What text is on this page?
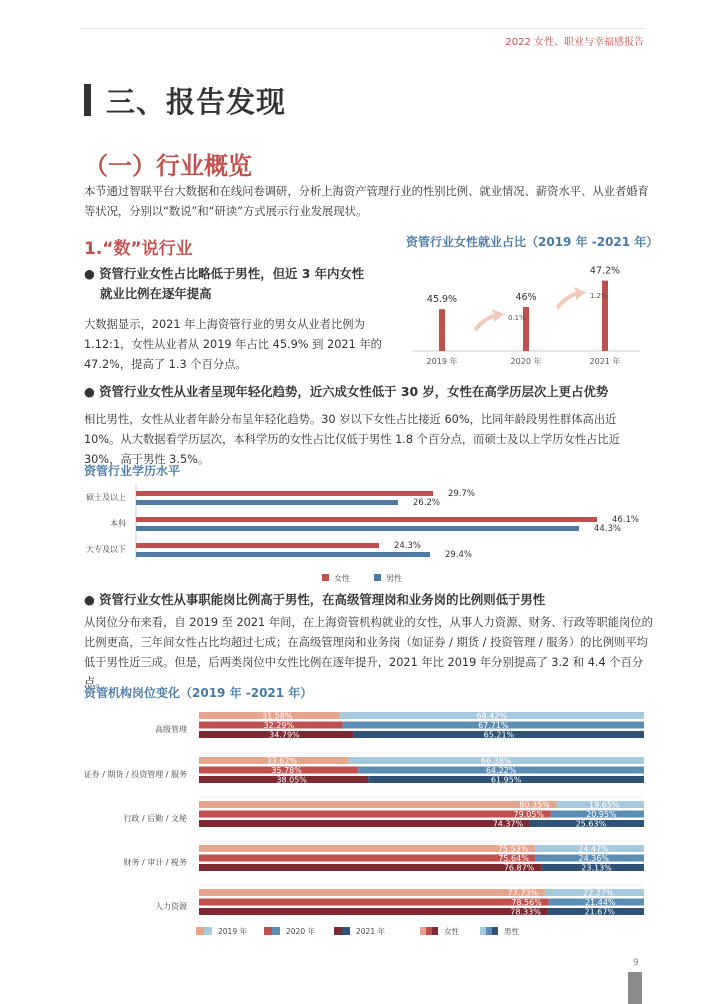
2022 女性、职业与幸福感报告
三、报告发现
（一）行业概览
本节通过智联平台大数据和在线问卷调研，分析上海资产管理行业的性别比例、就业情况、薪资水平、从业者婚育等状况，分别以“数说”和“研读”方式展示行业发展现状。
1.“数”说行业
● 资管行业女性占比略低于男性，但近 3 年内女性
就业比例在逐年提高
大数据显示，2021 年上海资管行业的男女从业者比例为 1.12:1，女性从业者从 2019 年占比 45.9% 到 2021 年的 47.2%，提高了 1.3 个百分点。
资管行业女性就业占比（2019 年 -2021 年）
45.9%
2019 年
46%
2020 年
47.2%
2021 年
0.1%
1.2%
● 资管行业女性从业者呈现年轻化趋势，近六成女性低于 30 岁，女性在高学历层次上更占优势
相比男性，女性从业者年龄分布呈年轻化趋势。30 岁以下女性占比接近 60%，比同年龄段男性群体高出近 10%。从大数据看学历层次，本科学历的女性占比仅低于男性 1.8 个百分点，而硕士及以上学历女性占比近 30%，高于男性 3.5%。
资管行业学历水平
硕士及以上	29.7%
26.2%
本科	46.1%
44.3%
大专及以下	24.3%
29.4%
女性	男性
● 资管行业女性从事职能岗比例高于男性，在高级管理岗和业务岗的比例则低于男性
从岗位分布来看，自 2019 至 2021 年间，在上海资管机构就业的女性，从事人力资源、财务、行政等职能岗位的比例更高，三年间女性占比均超过七成；在高级管理岗和业务岗（如证券 / 期货 / 投资管理 / 服务）的比例则平均低于男性近三成。但是，后两类岗位中女性比例在逐年提升，2021 年比 2019 年分别提高了 3.2 和 4.4 个百分点。
资管机构岗位变化（2019 年 -2021 年）
高级管理
31.58%	68.42%
32.29%	67.71%
34.79%	65.21%
证券 / 期货 / 投资管理 / 服务
33.62%	66.38%
35.78%	64.22%
38.05%	61.95%
行政 / 后勤 / 文秘
80.35%	19.65%
79.05%	20.95%
74.37%	25.63%
财务 / 审计 / 税务
75.53%	24.47%
75.64%	24.36%
76.87%	23.13%
人力资源
77.73%	22.27%
78.56%	21.44%
78.33%	21.67%
2019 年	2020 年	2021 年	女性	男性
9
